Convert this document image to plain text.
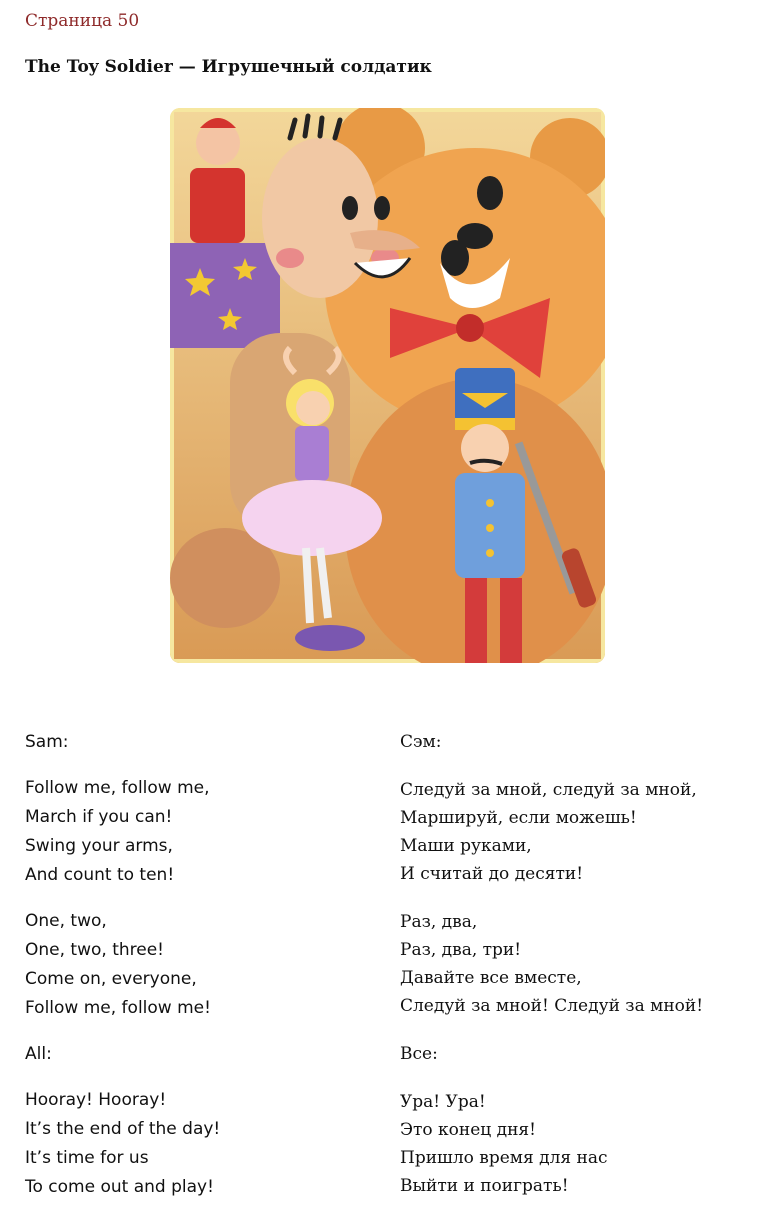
Страница 50
The Toy Soldier — Игрушечный солдатик
Sam:
Follow me, follow me,
March if you can!
Swing your arms,
And count to ten!
One, two,
One, two, three!
Come on, everyone,
Follow me, follow me!
All:
Hooray! Hooray!
It’s the end of the day!
It’s time for us
To come out and play!
Сэм:
Следуй за мной, следуй за мной,
Маршируй, если можешь!
Маши руками,
И считай до десяти!
Раз, два,
Раз, два, три!
Давайте все вместе,
Следуй за мной! Следуй за мной!
Все:
Ура! Ура!
Это конец дня!
Пришло время для нас
Выйти и поиграть!
